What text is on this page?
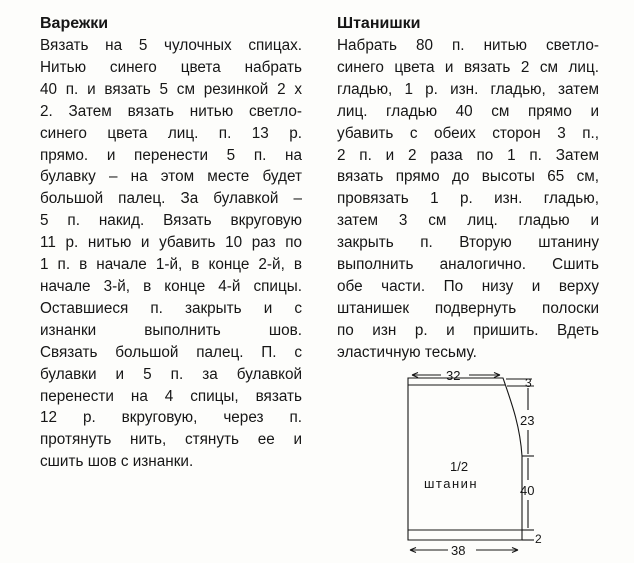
Варежки
Вязать на 5 чулочных спицах.
Нитью синего цвета набрать
40 п. и вязать 5 см резинкой 2 х
2. Затем вязать нитью светло-
синего цвета лиц. п. 13 р.
прямо. и перенести 5 п. на
булавку – на этом месте будет
большой палец. За булавкой –
5 п. накид. Вязать вкруговую
11 р. нитью и убавить 10 раз по
1 п. в начале 1-й, в конце 2-й, в
начале 3-й, в конце 4-й спицы.
Оставшиеся п. закрыть и с
изнанки выполнить шов.
Связать большой палец. П. с
булавки и 5 п. за булавкой
перенести на 4 спицы, вязать
12 р. вкруговую, через п.
протянуть нить, стянуть ее и
сшить шов с изнанки.
Штанишки
Набрать 80 п. нитью светло-
синего цвета и вязать 2 см лиц.
гладью, 1 р. изн. гладью, затем
лиц. гладью 40 см прямо и
убавить с обеих сторон 3 п.,
2 п. и 2 раза по 1 п. Затем
вязать прямо до высоты 65 см,
провязать 1 р. изн. гладью,
затем 3 см лиц. гладью и
закрыть п. Вторую штанину
выполнить аналогично. Сшить
обе части. По низу и верху
штанишек подвернуть полоски
по изн р. и пришить. Вдеть
эластичную тесьму.
1/2
штанин
32
38
3
23
40
2
